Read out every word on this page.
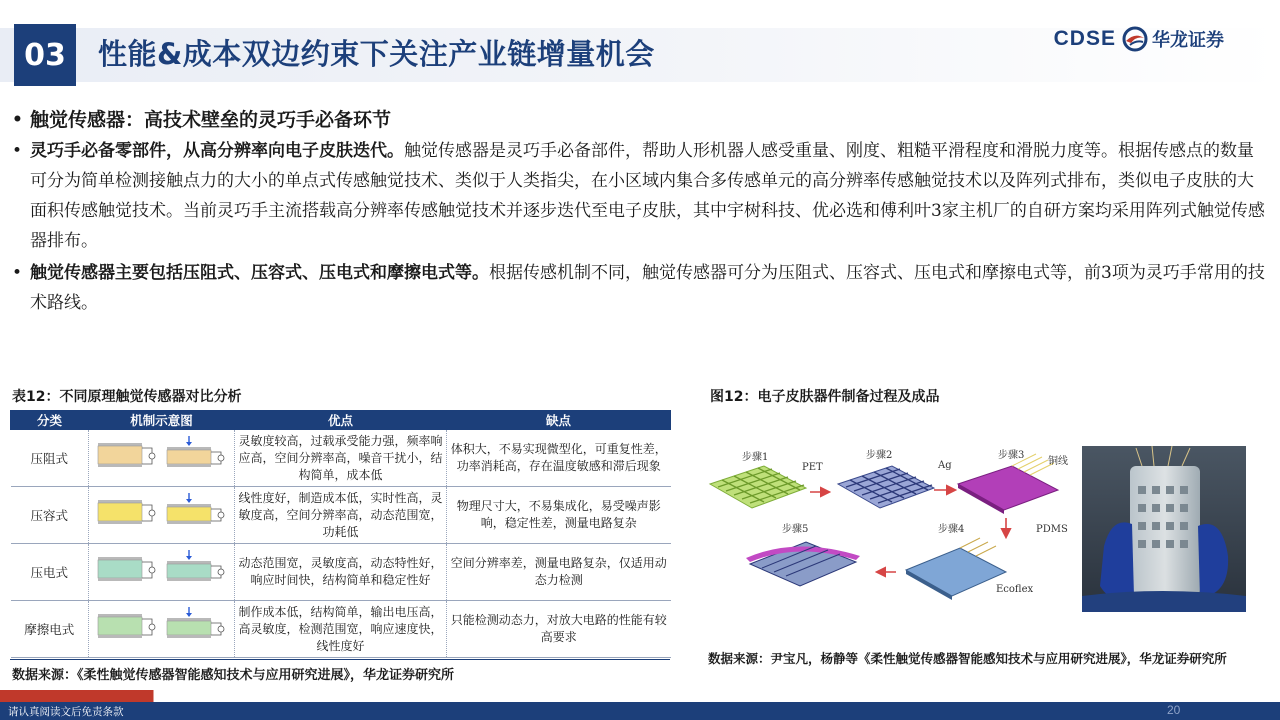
03	性能&成本双边约束下关注产业链增量机会	CDSE 华龙证券
• 触觉传感器：高技术壁垒的灵巧手必备环节
• 灵巧手必备零部件，从高分辨率向电子皮肤迭代。触觉传感器是灵巧手必备部件，帮助人形机器人感受重量、刚度、粗糙平滑程度和滑脱力度等。根据传感点的数量可分为简单检测接触点力的大小的单点式传感触觉技术、类似于人类指尖，在小区域内集合多传感单元的高分辨率传感触觉技术以及阵列式排布，类似电子皮肤的大面积传感触觉技术。当前灵巧手主流搭载高分辨率传感触觉技术并逐步迭代至电子皮肤，其中宇树科技、优必选和傅利叶3家主机厂的自研方案均采用阵列式触觉传感器排布。
• 触觉传感器主要包括压阻式、压容式、压电式和摩擦电式等。根据传感机制不同，触觉传感器可分为压阻式、压容式、压电式和摩擦电式等，前3项为灵巧手常用的技术路线。
表12：不同原理触觉传感器对比分析
分类	机制示意图	优点	缺点
压阻式		灵敏度较高，过载承受能力强，频率响应高，空间分辨率高，噪音干扰小，结构简单，成本低	体积大，不易实现微型化，可重复性差，功率消耗高，存在温度敏感和滞后现象
压容式		线性度好，制造成本低，实时性高，灵敏度高，空间分辨率高，动态范围宽，功耗低	物理尺寸大，不易集成化，易受噪声影响，稳定性差，测量电路复杂
压电式		动态范围宽，灵敏度高，动态特性好，响应时间快，结构简单和稳定性好	空间分辨率差，测量电路复杂，仅适用动态力检测
摩擦电式		制作成本低，结构简单，输出电压高，高灵敏度，检测范围宽，响应速度快，线性度好	只能检测动态力，对放大电路的性能有较高要求
数据来源：《柔性触觉传感器智能感知技术与应用研究进展》，华龙证券研究所
图12：电子皮肤器件制备过程及成品
步骤1
PET
步骤2
Ag
步骤3
铜线
PDMS
步骤4
Ecoflex
步骤5
数据来源：尹宝凡，杨静等《柔性触觉传感器智能感知技术与应用研究进展》，华龙证券研究所
请认真阅读文后免责条款	20
